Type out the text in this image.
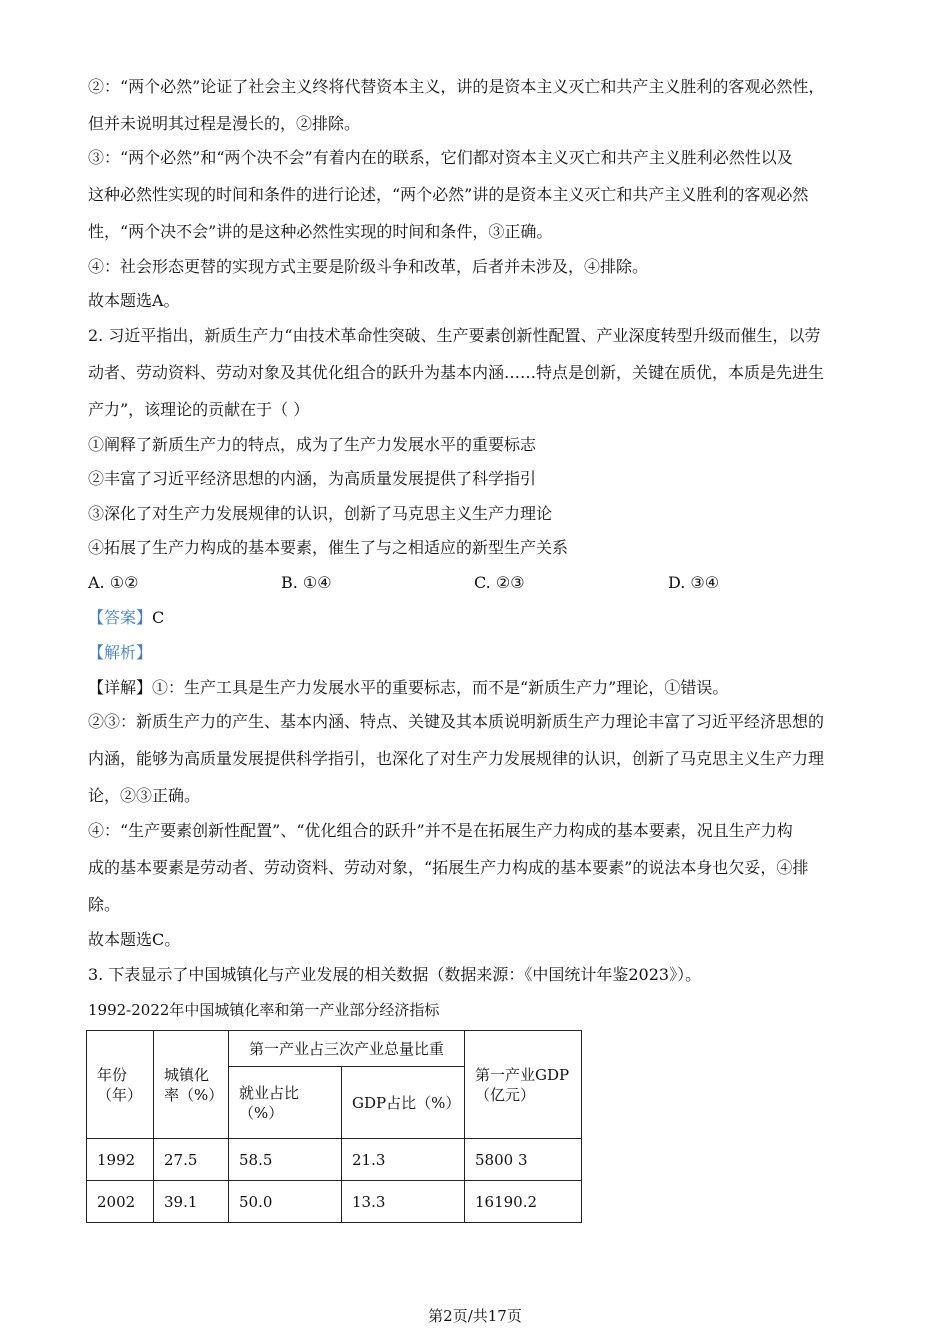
②：“两个必然”论证了社会主义终将代替资本主义，讲的是资本主义灭亡和共产主义胜利的客观必然性，
但并未说明其过程是漫长的，②排除。
③：“两个必然”和“两个决不会”有着内在的联系，它们都对资本主义灭亡和共产主义胜利必然性以及
这种必然性实现的时间和条件的进行论述，“两个必然”讲的是资本主义灭亡和共产主义胜利的客观必然
性，“两个决不会”讲的是这种必然性实现的时间和条件，③正确。
④：社会形态更替的实现方式主要是阶级斗争和改革，后者并未涉及，④排除。
故本题选A。
2. 习近平指出，新质生产力“由技术革命性突破、生产要素创新性配置、产业深度转型升级而催生，以劳
动者、劳动资料、劳动对象及其优化组合的跃升为基本内涵……特点是创新，关键在质优，本质是先进生
产力”，该理论的贡献在于（ ）
①阐释了新质生产力的特点，成为了生产力发展水平的重要标志
②丰富了习近平经济思想的内涵，为高质量发展提供了科学指引
③深化了对生产力发展规律的认识，创新了马克思主义生产力理论
④拓展了生产力构成的基本要素，催生了与之相适应的新型生产关系
A. ①②	B. ①④	C. ②③	D. ③④
【答案】C
【解析】
【详解】①：生产工具是生产力发展水平的重要标志，而不是“新质生产力”理论，①错误。
②③：新质生产力的产生、基本内涵、特点、关键及其本质说明新质生产力理论丰富了习近平经济思想的
内涵，能够为高质量发展提供科学指引，也深化了对生产力发展规律的认识，创新了马克思主义生产力理
论，②③正确。
④：“生产要素创新性配置”、“优化组合的跃升”并不是在拓展生产力构成的基本要素，况且生产力构
成的基本要素是劳动者、劳动资料、劳动对象，“拓展生产力构成的基本要素”的说法本身也欠妥，④排
除。
故本题选C。
3. 下表显示了中国城镇化与产业发展的相关数据（数据来源：《中国统计年鉴2023》）。
1992-2022年中国城镇化率和第一产业部分经济指标
年份（年）	城镇化率（%）	第一产业占三次产业总量比重		第一产业GDP（亿元）
		就业占比（%）	GDP占比（%）	
1992	27.5	58.5	21.3	5800 3
2002	39.1	50.0	13.3	16190.2
第2页/共17页
